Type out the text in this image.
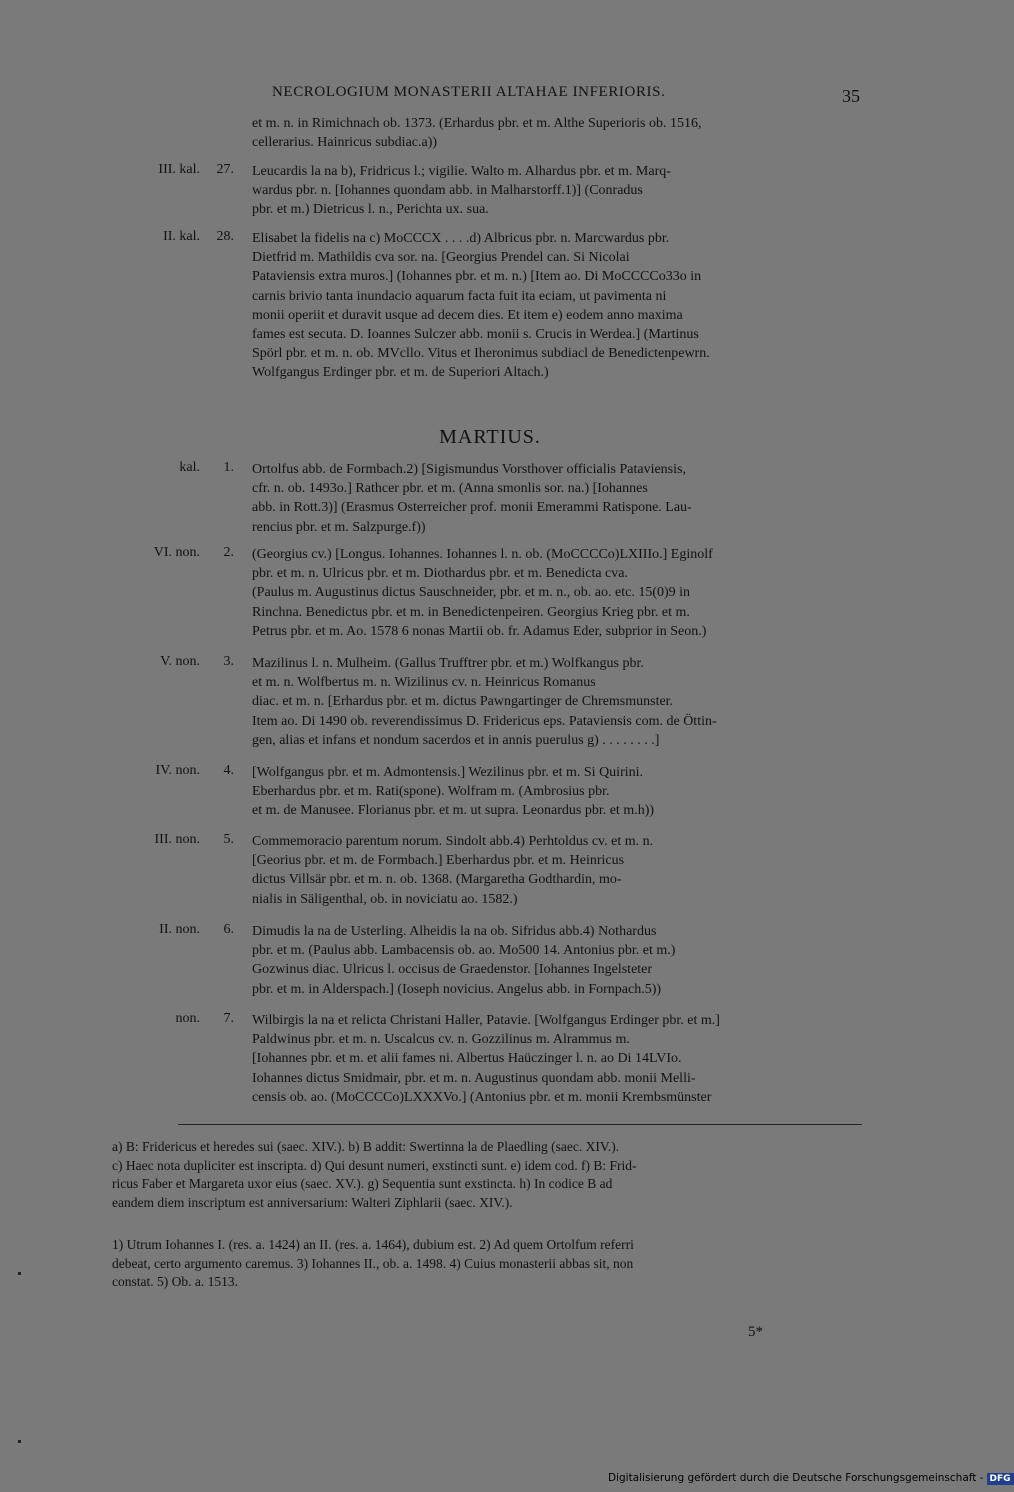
NECROLOGIUM MONASTERII ALTAHAE INFERIORIS.	35
et m. n. in Rimichnach ob. 1373. (Erhardus pbr. et m. Althe Superioris ob. 1516,
cellerarius. Hainricus subdiac.a))
III. kal.	27. Leucardis la na b), Fridricus l.; vigilie. Walto m. Alhardus pbr. et m. Marq-
wardus pbr. n. [Iohannes quondam abb. in Malharstorff.1)] (Conradus
pbr. et m.) Dietricus l. n., Perichta ux. sua.
II. kal.	28. Elisabet la fidelis na c) MoCCCX . . . .d) Albricus pbr. n. Marcwardus pbr.
Dietfrid m. Mathildis cva sor. na. [Georgius Prendel can. Si Nicolai
Pataviensis extra muros.] (Iohannes pbr. et m. n.) [Item ao. Di MoCCCCo33o in
carnis brivio tanta inundacio aquarum facta fuit ita eciam, ut pavimenta ni
monii operiit et duravit usque ad decem dies. Et item e) eodem anno maxima
fames est secuta. D. Ioannes Sulczer abb. monii s. Crucis in Werdea.] (Martinus
Spörl pbr. et m. n. ob. MVcllo. Vitus et Iheronimus subdiacl de Benedictenpewrn.
Wolfgangus Erdinger pbr. et m. de Superiori Altach.)
MARTIUS.
kal.	1. Ortolfus abb. de Formbach.2) [Sigismundus Vorsthover officialis Pataviensis,
cfr. n. ob. 1493o.] Rathcer pbr. et m. (Anna smonlis sor. na.) [Iohannes
abb. in Rott.3)] (Erasmus Osterreicher prof. monii Emerammi Ratispone. Lau-
rencius pbr. et m. Salzpurge.f))
VI. non.	2. (Georgius cv.) [Longus. Iohannes. Iohannes l. n. ob. (MoCCCCo)LXIIIo.] Eginolf
pbr. et m. n. Ulricus pbr. et m. Diothardus pbr. et m. Benedicta cva.
(Paulus m. Augustinus dictus Sauschneider, pbr. et m. n., ob. ao. etc. 15(0)9 in
Rinchna. Benedictus pbr. et m. in Benedictenpeiren. Georgius Krieg pbr. et m.
Petrus pbr. et m. Ao. 1578 6 nonas Martii ob. fr. Adamus Eder, subprior in Seon.)
V. non.	3. Mazilinus l. n. Mulheim. (Gallus Trufftrer pbr. et m.) Wolfkangus pbr.
et m. n. Wolfbertus m. n. Wizilinus cv. n. Heinricus Romanus
diac. et m. n. [Erhardus pbr. et m. dictus Pawngartinger de Chremsmunster.
Item ao. Di 1490 ob. reverendissimus D. Fridericus eps. Pataviensis com. de Öttin-
gen, alias et infans et nondum sacerdos et in annis puerulus g) . . . . . . . .]
IV. non.	4. [Wolfgangus pbr. et m. Admontensis.] Wezilinus pbr. et m. Si Quirini.
Eberhardus pbr. et m. Rati(spone). Wolfram m. (Ambrosius pbr.
et m. de Manusee. Florianus pbr. et m. ut supra. Leonardus pbr. et m.h))
III. non.	5. Commemoracio parentum norum. Sindolt abb.4) Perhtoldus cv. et m. n.
[Georius pbr. et m. de Formbach.] Eberhardus pbr. et m. Heinricus
dictus Villsär pbr. et m. n. ob. 1368. (Margaretha Godthardin, mo-
nialis in Säligenthal, ob. in noviciatu ao. 1582.)
II. non.	6. Dimudis la na de Usterling. Alheidis la na ob. Sifridus abb.4) Nothardus
pbr. et m. (Paulus abb. Lambacensis ob. ao. Mo500 14. Antonius pbr. et m.)
Gozwinus diac. Ulricus l. occisus de Graedenstor. [Iohannes Ingelsteter
pbr. et m. in Alderspach.] (Ioseph novicius. Angelus abb. in Fornpach.5))
non.	7. Wilbirgis la na et relicta Christani Haller, Patavie. [Wolfgangus Erdinger pbr. et m.]
Paldwinus pbr. et m. n. Uscalcus cv. n. Gozzilinus m. Alrammus m.
[Iohannes pbr. et m. et alii fames ni. Albertus Haüczinger l. n. ao Di 14LVIo.
Iohannes dictus Smidmair, pbr. et m. n. Augustinus quondam abb. monii Melli-
censis ob. ao. (MoCCCCo)LXXXVo.] (Antonius pbr. et m. monii Krembsmünster
a) B: Fridericus et heredes sui (saec. XIV.). b) B addit: Swertinna la de Plaedling (saec. XIV.).
c) Haec nota dupliciter est inscripta. d) Qui desunt numeri, exstincti sunt. e) idem cod. f) B: Frid-
ricus Faber et Margareta uxor eius (saec. XV.). g) Sequentia sunt exstincta. h) In codice B ad
eandem diem inscriptum est anniversarium: Walteri Ziphlarii (saec. XIV.).
1) Utrum Iohannes I. (res. a. 1424) an II. (res. a. 1464), dubium est. 2) Ad quem Ortolfum referri
debeat, certo argumento caremus. 3) Iohannes II., ob. a. 1498. 4) Cuius monasterii abbas sit, non
constat. 5) Ob. a. 1513.
5*
Digitalisierung gefördert durch die Deutsche Forschungsgemeinschaft - DFG
